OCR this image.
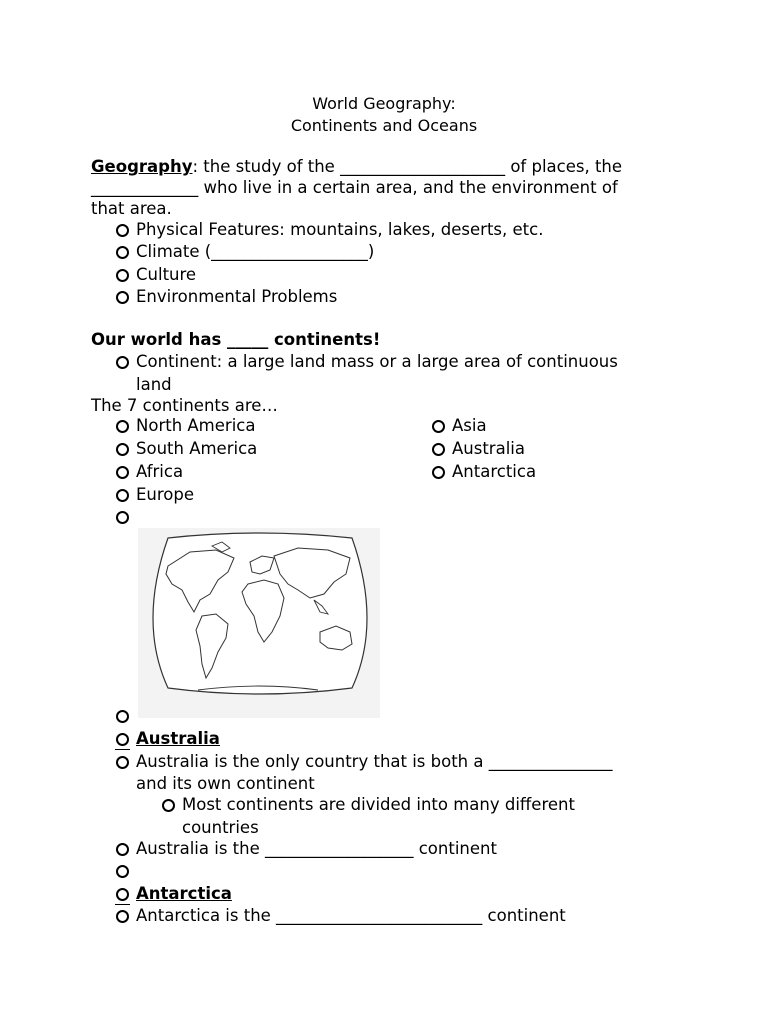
World Geography:
Continents and Oceans
Geography: the study of the ____________________ of places, the
_____________ who live in a certain area, and the environment of
that area.
Physical Features: mountains, lakes, deserts, etc.
Climate (___________________)
Culture
Environmental Problems
Our world has _____ continents!
Continent: a large land mass or a large area of continuous
land
The 7 continents are…
North America
South America
Africa
Europe
Asia
Australia
Antarctica
Australia
Australia is the only country that is both a _______________
and its own continent
Most continents are divided into many different
countries
Australia is the __________________ continent
Antarctica
Antarctica is the _________________________ continent
